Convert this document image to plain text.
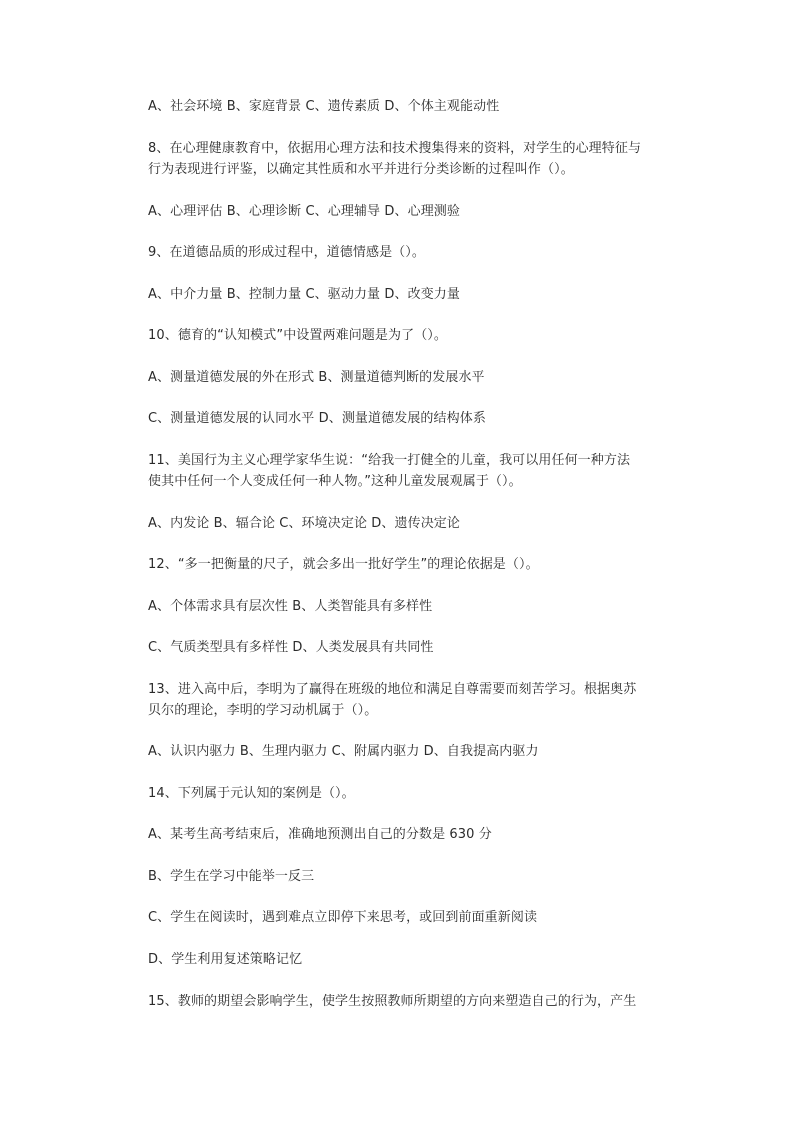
A、社会环境 B、家庭背景 C、遗传素质 D、个体主观能动性
8、在心理健康教育中，依据用心理方法和技术搜集得来的资料，对学生的心理特征与
行为表现进行评鉴，以确定其性质和水平并进行分类诊断的过程叫作（）。
A、心理评估 B、心理诊断 C、心理辅导 D、心理测验
9、在道德品质的形成过程中，道德情感是（）。
A、中介力量 B、控制力量 C、驱动力量 D、改变力量
10、德育的“认知模式”中设置两难问题是为了（）。
A、测量道德发展的外在形式 B、测量道德判断的发展水平
C、测量道德发展的认同水平 D、测量道德发展的结构体系
11、美国行为主义心理学家华生说：“给我一打健全的儿童，我可以用任何一种方法
使其中任何一个人变成任何一种人物。”这种儿童发展观属于（）。
A、内发论 B、辐合论 C、环境决定论 D、遗传决定论
12、“多一把衡量的尺子，就会多出一批好学生”的理论依据是（）。
A、个体需求具有层次性 B、人类智能具有多样性
C、气质类型具有多样性 D、人类发展具有共同性
13、进入高中后，李明为了赢得在班级的地位和满足自尊需要而刻苦学习。根据奥苏
贝尔的理论，李明的学习动机属于（）。
A、认识内驱力 B、生理内驱力 C、附属内驱力 D、自我提高内驱力
14、下列属于元认知的案例是（）。
A、某考生高考结束后，准确地预测出自己的分数是 630 分
B、学生在学习中能举一反三
C、学生在阅读时，遇到难点立即停下来思考，或回到前面重新阅读
D、学生利用复述策略记忆
15、教师的期望会影响学生，使学生按照教师所期望的方向来塑造自己的行为，产生
